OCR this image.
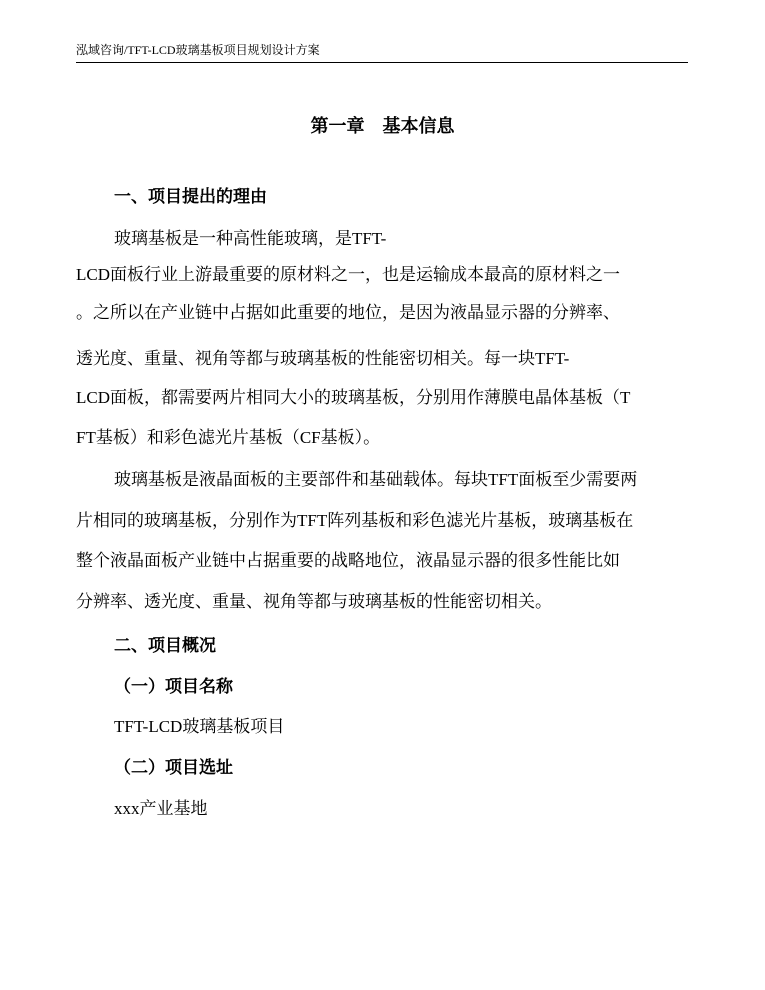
泓域咨询/TFT-LCD玻璃基板项目规划设计方案
第一章　基本信息
一、项目提出的理由
玻璃基板是一种高性能玻璃，是TFT-
LCD面板行业上游最重要的原材料之一，也是运输成本最高的原材料之一
。之所以在产业链中占据如此重要的地位，是因为液晶显示器的分辨率、
透光度、重量、视角等都与玻璃基板的性能密切相关。每一块TFT-
LCD面板，都需要两片相同大小的玻璃基板，分别用作薄膜电晶体基板（T
FT基板）和彩色滤光片基板（CF基板）。
玻璃基板是液晶面板的主要部件和基础载体。每块TFT面板至少需要两
片相同的玻璃基板，分别作为TFT阵列基板和彩色滤光片基板，玻璃基板在
整个液晶面板产业链中占据重要的战略地位，液晶显示器的很多性能比如
分辨率、透光度、重量、视角等都与玻璃基板的性能密切相关。
二、项目概况
（一）项目名称
TFT-LCD玻璃基板项目
（二）项目选址
xxx产业基地
